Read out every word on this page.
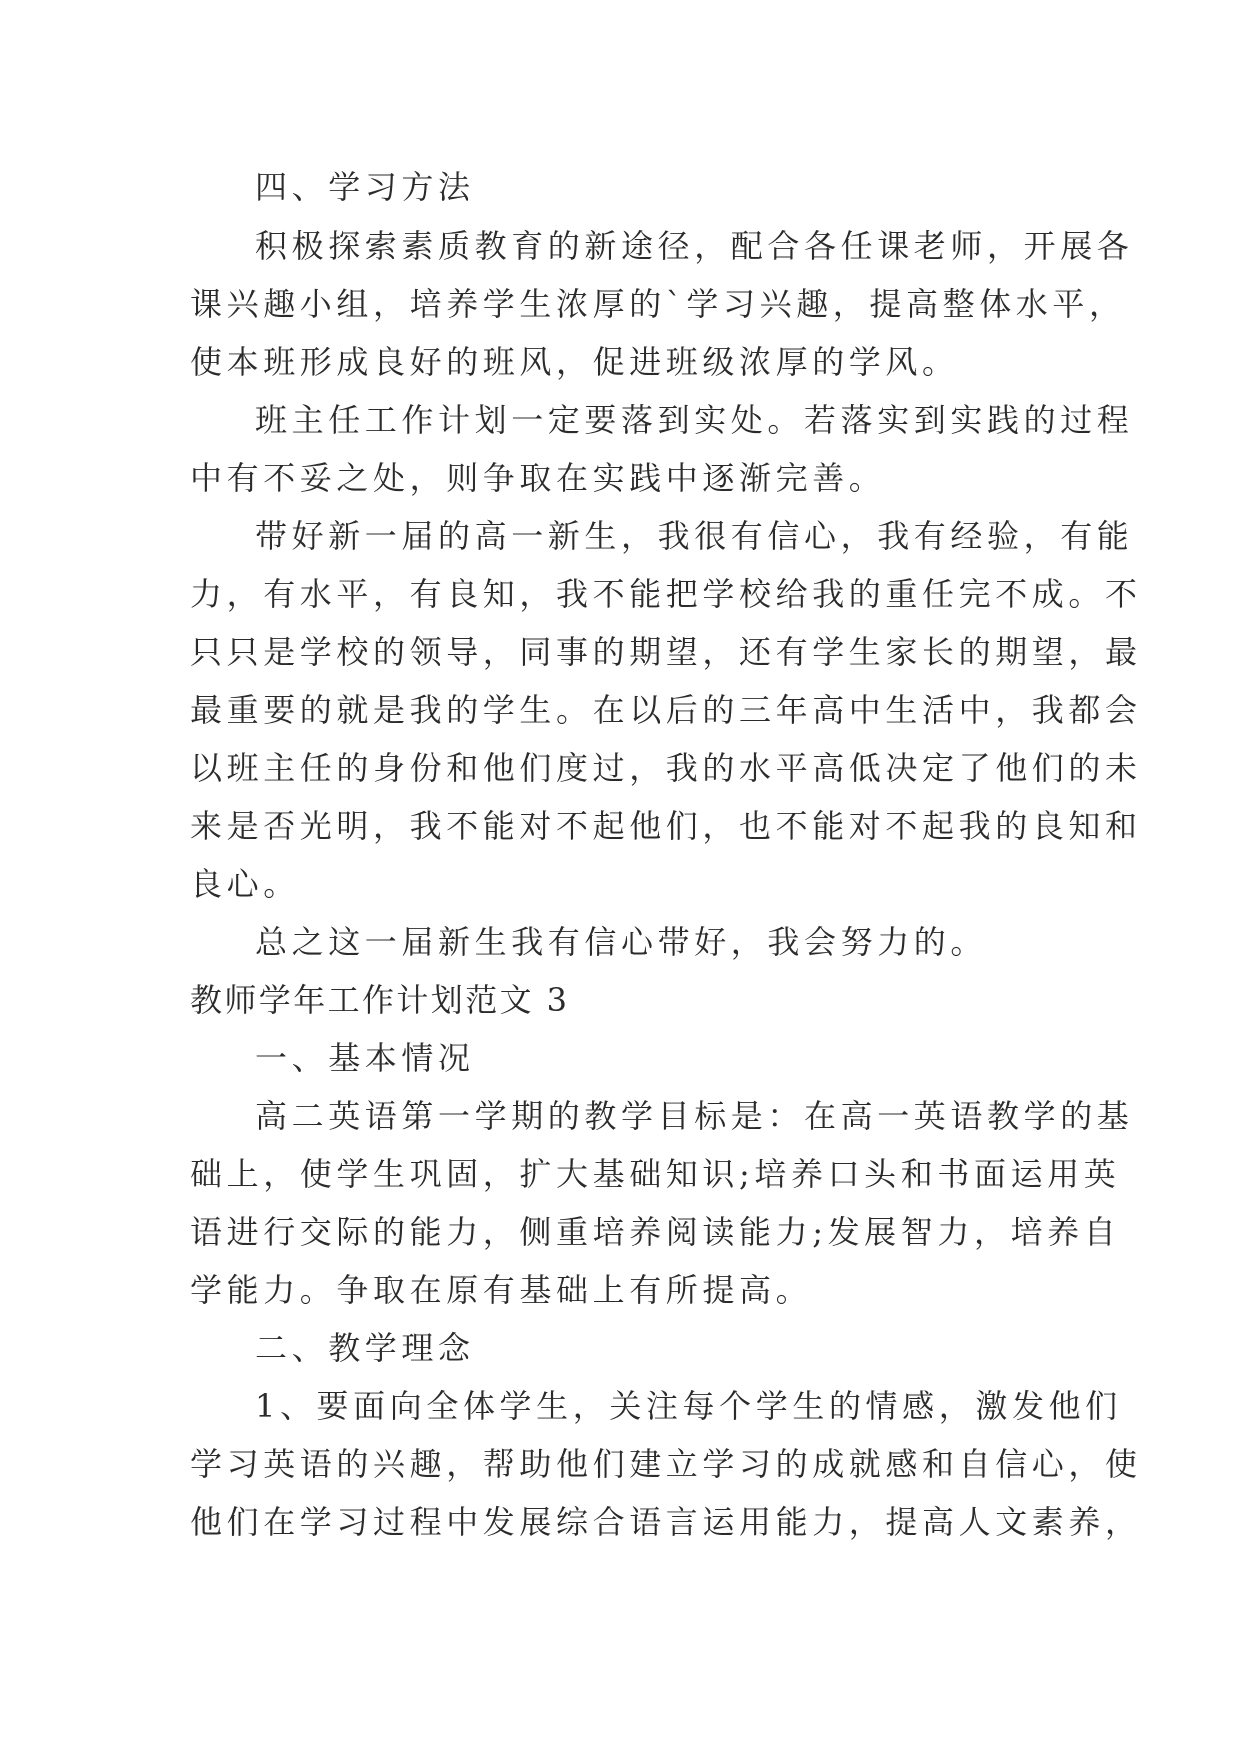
四、学习方法
积极探索素质教育的新途径，配合各任课老师，开展各
课兴趣小组，培养学生浓厚的`学习兴趣，提高整体水平，
使本班形成良好的班风，促进班级浓厚的学风。
班主任工作计划一定要落到实处。若落实到实践的过程
中有不妥之处，则争取在实践中逐渐完善。
带好新一届的高一新生，我很有信心，我有经验，有能
力，有水平，有良知，我不能把学校给我的重任完不成。不
只只是学校的领导，同事的期望，还有学生家长的期望，最
最重要的就是我的学生。在以后的三年高中生活中，我都会
以班主任的身份和他们度过，我的水平高低决定了他们的未
来是否光明，我不能对不起他们，也不能对不起我的良知和
良心。
总之这一届新生我有信心带好，我会努力的。
教师学年工作计划范文 3
一、基本情况
高二英语第一学期的教学目标是：在高一英语教学的基
础上，使学生巩固，扩大基础知识;培养口头和书面运用英
语进行交际的能力，侧重培养阅读能力;发展智力，培养自
学能力。争取在原有基础上有所提高。
二、教学理念
1、要面向全体学生，关注每个学生的情感，激发他们
学习英语的兴趣，帮助他们建立学习的成就感和自信心，使
他们在学习过程中发展综合语言运用能力，提高人文素养，
